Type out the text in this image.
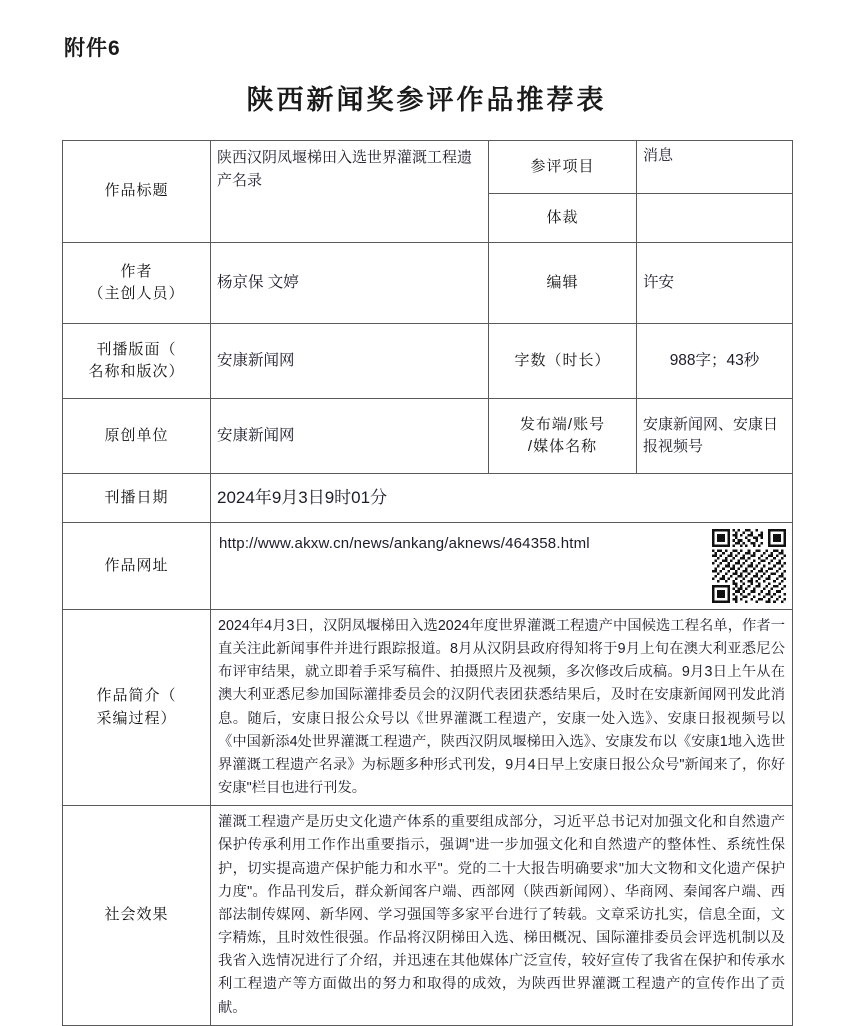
附件6
陕西新闻奖参评作品推荐表
作品标题	陕西汉阴凤堰梯田入选世界灌溉工程遗产名录	参评项目	消息
		体裁	

作者
（主创人员）	杨京保 文婷	编辑	许安

刊播版面（
名称和版次）	安康新闻网	字数（时长）	988字；43秒
原创单位	安康新闻网	发布端/账号
/媒体名称	安康新闻网、安康日报视频号
刊播日期	2024年9月3日9时01分		
作品网址	http://www.akxw.cn/news/ankang/aknews/464358.html		

作品简介（
采编过程）	2024年4月3日，汉阴凤堰梯田入选2024年度世界灌溉工程遗产中国候选工程名单，作者一直关注此新闻事件并进行跟踪报道。8月从汉阴县政府得知将于9月上旬在澳大利亚悉尼公布评审结果，就立即着手采写稿件、拍摄照片及视频，多次修改后成稿。9月3日上午从在澳大利亚悉尼参加国际灌排委员会的汉阴代表团获悉结果后，及时在安康新闻网刊发此消息。随后，安康日报公众号以《世界灌溉工程遗产，安康一处入选》、安康日报视频号以《中国新添4处世界灌溉工程遗产，陕西汉阴凤堰梯田入选》、安康发布以《安康1地入选世界灌溉工程遗产名录》为标题多种形式刊发，9月4日早上安康日报公众号"新闻来了，你好安康"栏目也进行刊发。		

社会效果	灌溉工程遗产是历史文化遗产体系的重要组成部分，习近平总书记对加强文化和自然遗产保护传承利用工作作出重要指示，强调"进一步加强文化和自然遗产的整体性、系统性保护，切实提高遗产保护能力和水平"。党的二十大报告明确要求"加大文物和文化遗产保护力度"。作品刊发后，群众新闻客户端、西部网（陕西新闻网）、华商网、秦闻客户端、西部法制传媒网、新华网、学习强国等多家平台进行了转载。文章采访扎实，信息全面，文字精炼，且时效性很强。作品将汉阴梯田入选、梯田概况、国际灌排委员会评选机制以及我省入选情况进行了介绍，并迅速在其他媒体广泛宣传，较好宣传了我省在保护和传承水利工程遗产等方面做出的努力和取得的成效，为陕西世界灌溉工程遗产的宣传作出了贡献。		
